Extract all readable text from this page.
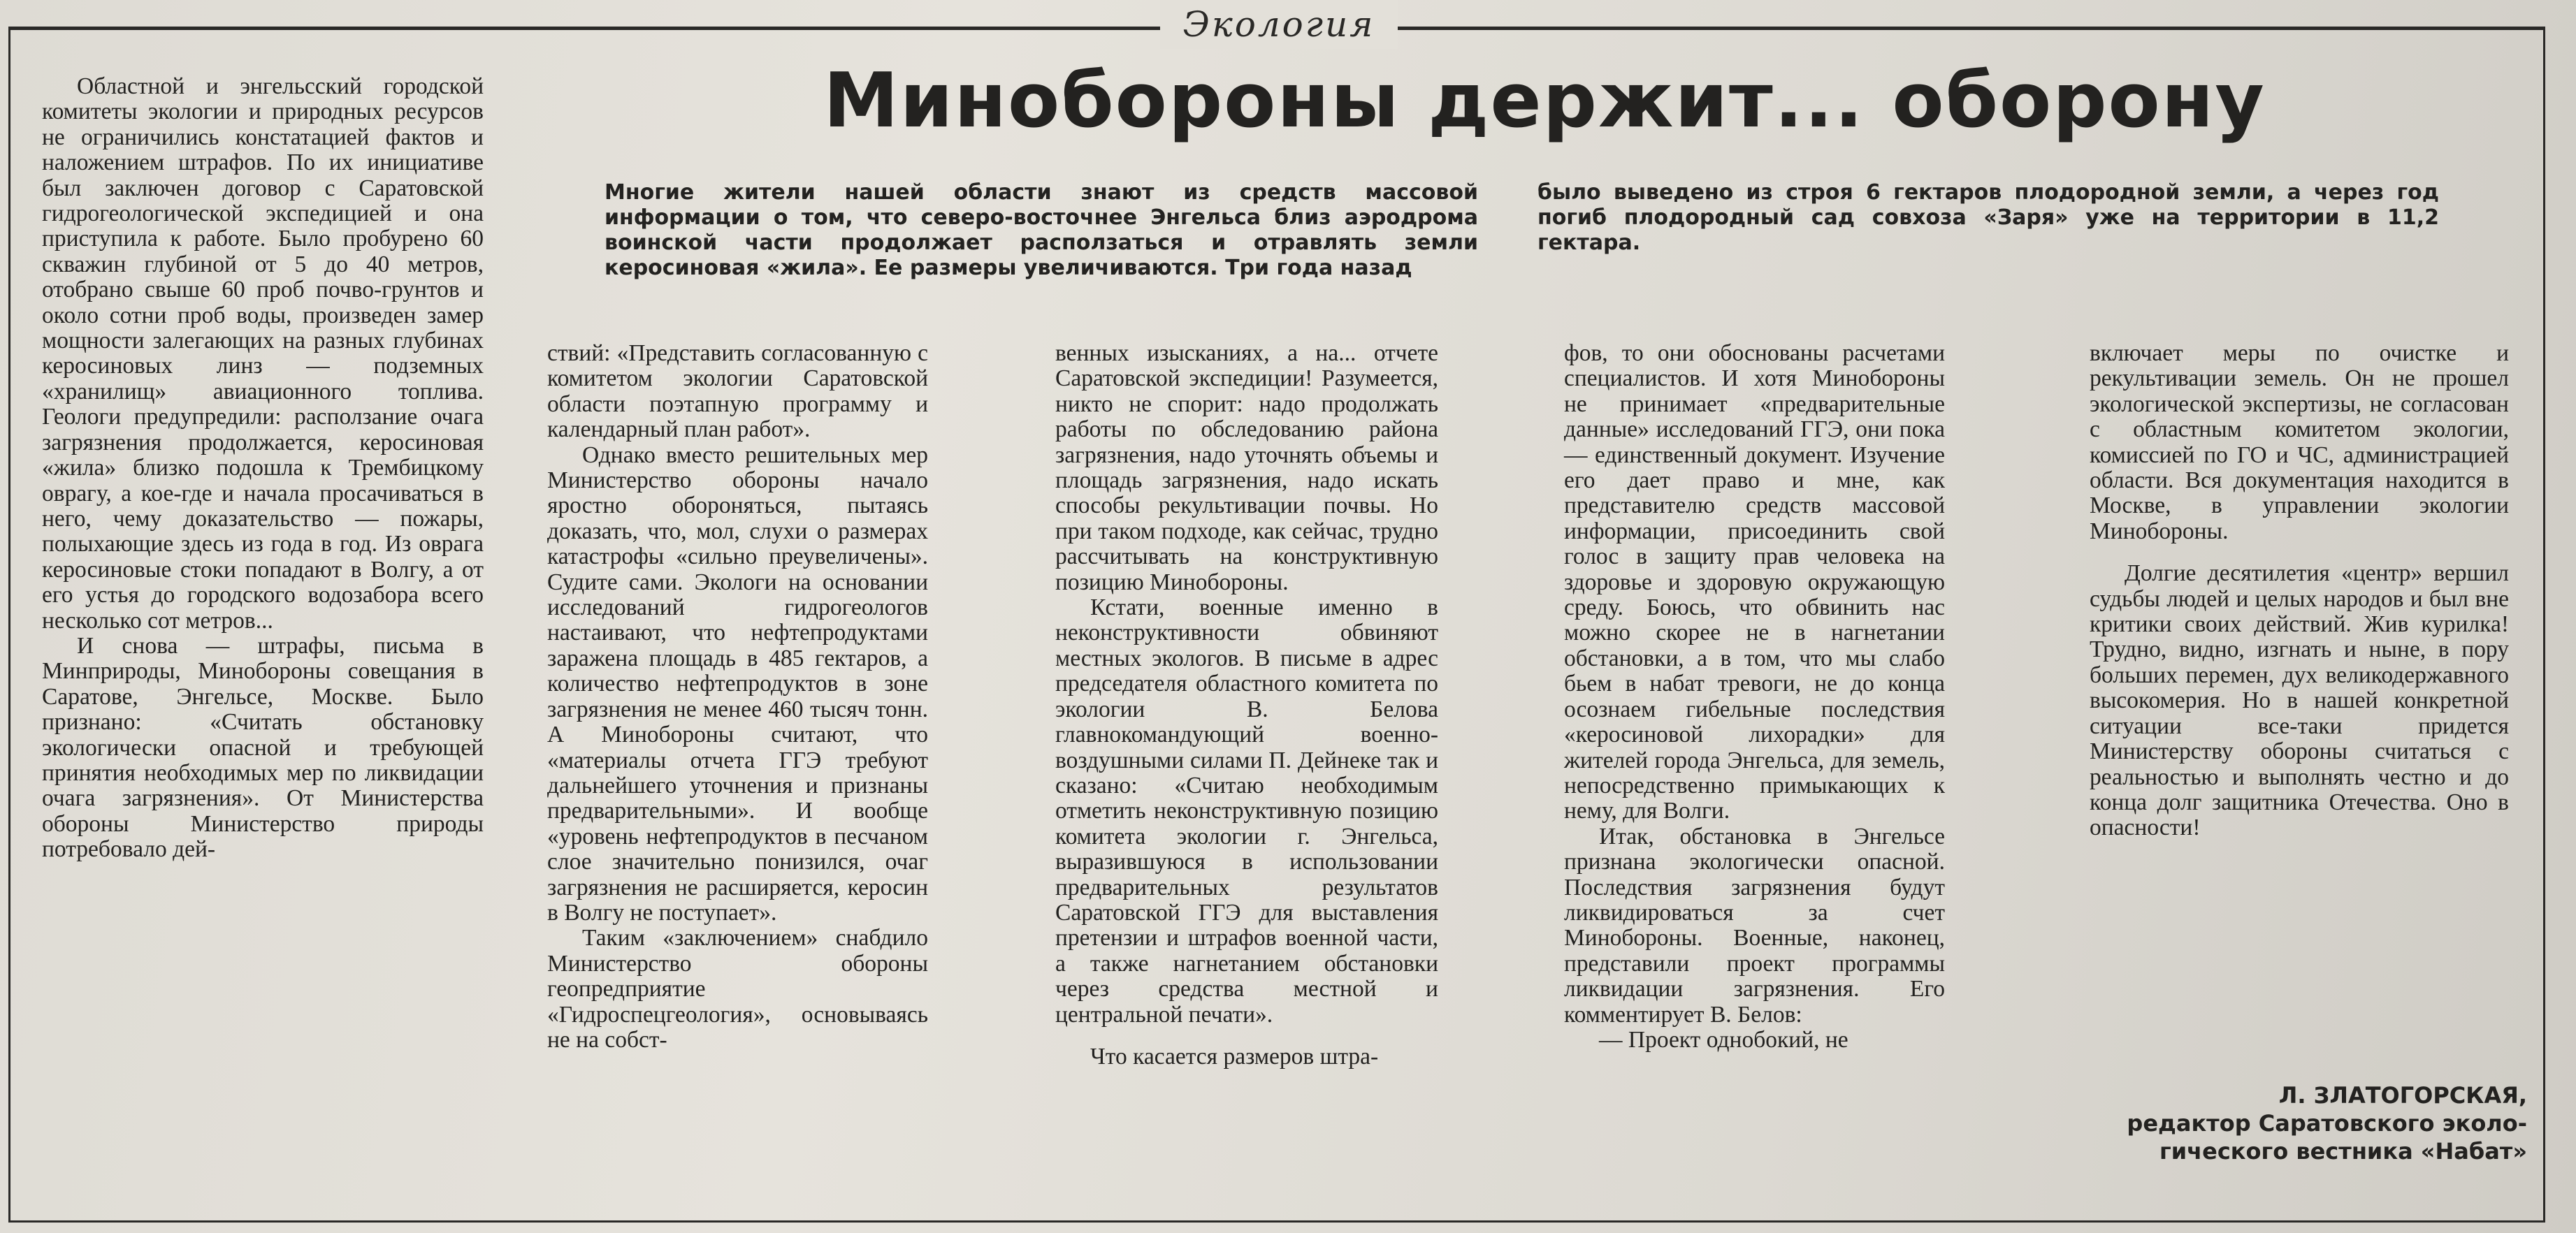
Экология
Минобороны держит... оборону
Многие жители нашей области знают из средств массовой информации о том, что северо-восточнее Энгельса близ аэродрома воинской части продолжает расползаться и отравлять земли керосиновая «жила». Ее размеры увеличиваются. Три года назад
было выведено из строя 6 гектаров плодородной земли, а через год погиб плодородный сад совхоза «Заря» уже на территории в 11,2 гектара.

Областной и энгельсский городской комитеты экологии и природных ресурсов не ограничились констатацией фактов и наложением штрафов. По их инициативе был заключен договор с Саратовской гидрогеологической экспедицией и она приступила к работе. Было пробурено 60 скважин глубиной от 5 до 40 метров, отобрано свыше 60 проб почво-грунтов и около сотни проб воды, произведен замер мощности залегающих на разных глубинах керосиновых линз — подземных «хранилищ» авиационного топлива. Геологи предупредили: расползание очага загрязнения продолжается, керосиновая «жила» близко подошла к Трембицкому оврагу, а кое-где и начала просачиваться в него, чему доказательство — пожары, полыхающие здесь из года в год. Из оврага керосиновые стоки попадают в Волгу, а от его устья до городского водозабора всего несколько сот метров...

И снова — штрафы, письма в Минприроды, Минобороны совещания в Саратове, Энгельсе, Москве. Было признано: «Считать обстановку экологически опасной и требующей принятия необходимых мер по ликвидации очага загрязнения». От Министерства обороны Министерство природы потребовало дей-

ствий: «Представить согласованную с комитетом экологии Саратовской области поэтапную программу и календарный план работ».

Однако вместо решительных мер Министерство обороны начало яростно обороняться, пытаясь доказать, что, мол, слухи о размерах катастрофы «сильно преувеличены». Судите сами. Экологи на основании исследований гидрогеологов настаивают, что нефтепродуктами заражена площадь в 485 гектаров, а количество нефтепродуктов в зоне загрязнения не менее 460 тысяч тонн. А Минобороны считают, что «материалы отчета ГГЭ требуют дальнейшего уточнения и признаны предварительными». И вообще «уровень нефтепродуктов в песчаном слое значительно понизился, очаг загрязнения не расширяется, керосин в Волгу не поступает».

Таким «заключением» снабдило Министерство обороны геопредприятие «Гидроспецгеология», основываясь не на собст-

венных изысканиях, а на... отчете Саратовской экспедиции! Разумеется, никто не спорит: надо продолжать работы по обследованию района загрязнения, надо уточнять объемы и площадь загрязнения, надо искать способы рекультивации почвы. Но при таком подходе, как сейчас, трудно рассчитывать на конструктивную позицию Минобороны.

Кстати, военные именно в неконструктивности обвиняют местных экологов. В письме в адрес председателя областного комитета по экологии В. Белова главнокомандующий военно-воздушными силами П. Дейнеке так и сказано: «Считаю необходимым отметить неконструктивную позицию комитета экологии г. Энгельса, выразившуюся в использовании предварительных результатов Саратовской ГГЭ для выставления претензии и штрафов военной части, а также нагнетанием обстановки через средства местной и центральной печати».

Что касается размеров штра-

фов, то они обоснованы расчетами специалистов. И хотя Минобороны не принимает «предварительные данные» исследований ГГЭ, они пока — единственный документ. Изучение его дает право и мне, как представителю средств массовой информации, присоединить свой голос в защиту прав человека на здоровье и здоровую окружающую среду. Боюсь, что обвинить нас можно скорее не в нагнетании обстановки, а в том, что мы слабо бьем в набат тревоги, не до конца осознаем гибельные последствия «керосиновой лихорадки» для жителей города Энгельса, для земель, непосредственно примыкающих к нему, для Волги.

Итак, обстановка в Энгельсе признана экологически опасной. Последствия загрязнения будут ликвидироваться за счет Минобороны. Военные, наконец, представили проект программы ликвидации загрязнения. Его комментирует В. Белов:

— Проект однобокий, не

включает меры по очистке и рекультивации земель. Он не прошел экологической экспертизы, не согласован с областным комитетом экологии, комиссией по ГО и ЧС, администрацией области. Вся документация находится в Москве, в управлении экологии Минобороны.

Долгие десятилетия «центр» вершил судьбы людей и целых народов и был вне критики своих действий. Жив курилка! Трудно, видно, изгнать и ныне, в пору больших перемен, дух великодержавного высокомерия. Но в нашей конкретной ситуации все-таки придется Министерству обороны считаться с реальностью и выполнять честно и до конца долг защитника Отечества. Оно в опасности!

Л. ЗЛАТОГОРСКАЯ,
редактор Саратовского эколо-
гического вестника «Набат»
